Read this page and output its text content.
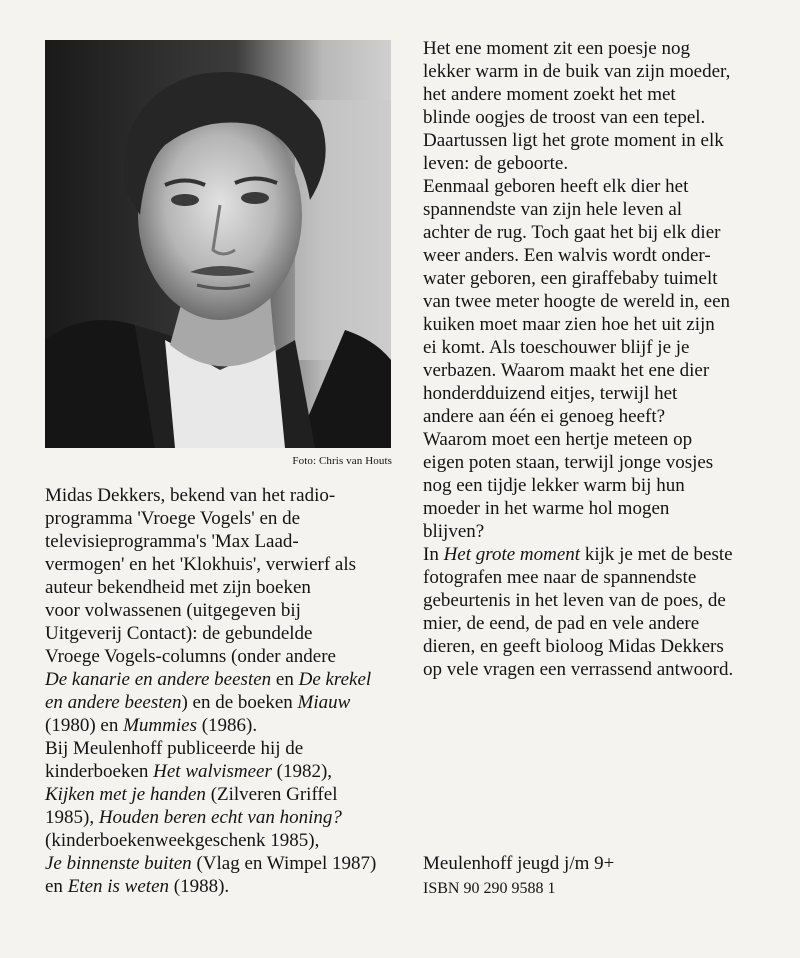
Foto: Chris van Houts
Midas Dekkers, bekend van het radio-
programma 'Vroege Vogels' en de
televisieprogramma's 'Max Laad-
vermogen' en het 'Klokhuis', verwierf als
auteur bekendheid met zijn boeken
voor volwassenen (uitgegeven bij
Uitgeverij Contact): de gebundelde
Vroege Vogels-columns (onder andere
De kanarie en andere beesten en De krekel
en andere beesten) en de boeken Miauw
(1980) en Mummies (1986).
Bij Meulenhoff publiceerde hij de
kinderboeken Het walvismeer (1982),
Kijken met je handen (Zilveren Griffel
1985), Houden beren echt van honing?
(kinderboekenweekgeschenk 1985),
Je binnenste buiten (Vlag en Wimpel 1987)
en Eten is weten (1988).
Het ene moment zit een poesje nog
lekker warm in de buik van zijn moeder,
het andere moment zoekt het met
blinde oogjes de troost van een tepel.
Daartussen ligt het grote moment in elk
leven: de geboorte.
Eenmaal geboren heeft elk dier het
spannendste van zijn hele leven al
achter de rug. Toch gaat het bij elk dier
weer anders. Een walvis wordt onder-
water geboren, een giraffebaby tuimelt
van twee meter hoogte de wereld in, een
kuiken moet maar zien hoe het uit zijn
ei komt. Als toeschouwer blijf je je
verbazen. Waarom maakt het ene dier
honderdduizend eitjes, terwijl het
andere aan één ei genoeg heeft?
Waarom moet een hertje meteen op
eigen poten staan, terwijl jonge vosjes
nog een tijdje lekker warm bij hun
moeder in het warme hol mogen
blijven?
In Het grote moment kijk je met de beste
fotografen mee naar de spannendste
gebeurtenis in het leven van de poes, de
mier, de eend, de pad en vele andere
dieren, en geeft bioloog Midas Dekkers
op vele vragen een verrassend antwoord.
Meulenhoff jeugd j/m 9+
ISBN 90 290 9588 1
